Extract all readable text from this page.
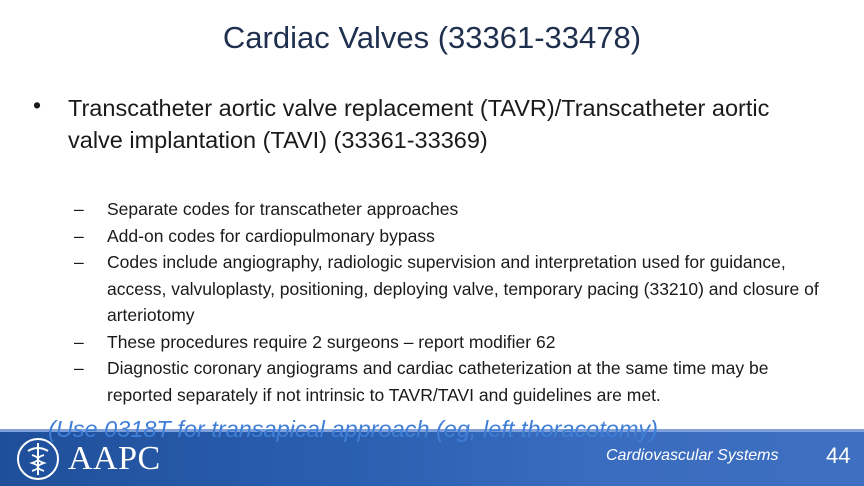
Cardiac Valves (33361-33478)
• Transcatheter aortic valve replacement (TAVR)/Transcatheter aortic valve implantation (TAVI) (33361-33369)
– Separate codes for transcatheter approaches
– Add-on codes for cardiopulmonary bypass
– Codes include angiography, radiologic supervision and interpretation used for guidance, access, valvuloplasty, positioning, deploying valve, temporary pacing (33210) and closure of arteriotomy
– These procedures require 2 surgeons – report modifier 62
– Diagnostic coronary angiograms and cardiac catheterization at the same time may be reported separately if not intrinsic to TAVR/TAVI and guidelines are met.
AAPC
(Use 0318T for transapical approach (eg, left thoracotomy)
Cardiovascular Systems 44
